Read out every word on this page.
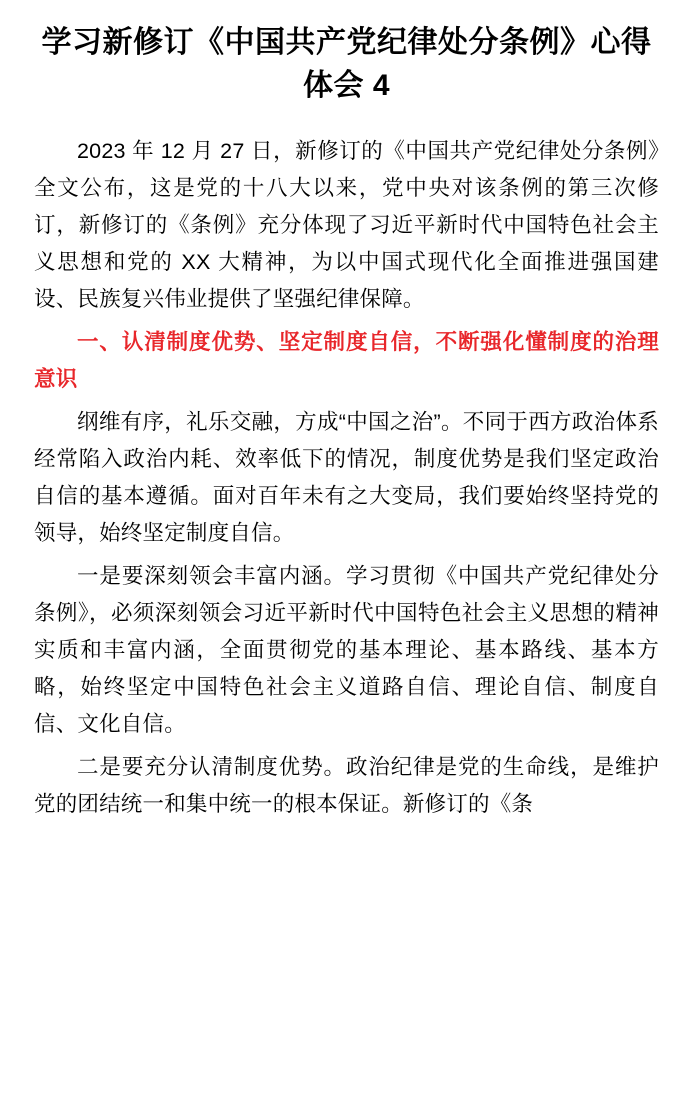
学习新修订《中国共产党纪律处分条例》心得体会 4

2023 年 12 月 27 日，新修订的《中国共产党纪律处分条例》全文公布，这是党的十八大以来，党中央对该条例的第三次修订，新修订的《条例》充分体现了习近平新时代中国特色社会主义思想和党的 XX 大精神，为以中国式现代化全面推进强国建设、民族复兴伟业提供了坚强纪律保障。

一、认清制度优势、坚定制度自信，不断强化懂制度的治理意识

纲维有序，礼乐交融，方成“中国之治”。不同于西方政治体系经常陷入政治内耗、效率低下的情况，制度优势是我们坚定政治自信的基本遵循。面对百年未有之大变局，我们要始终坚持党的领导，始终坚定制度自信。

一是要深刻领会丰富内涵。学习贯彻《中国共产党纪律处分条例》，必须深刻领会习近平新时代中国特色社会主义思想的精神实质和丰富内涵，全面贯彻党的基本理论、基本路线、基本方略，始终坚定中国特色社会主义道路自信、理论自信、制度自信、文化自信。

二是要充分认清制度优势。政治纪律是党的生命线，是维护党的团结统一和集中统一的根本保证。新修订的《条
